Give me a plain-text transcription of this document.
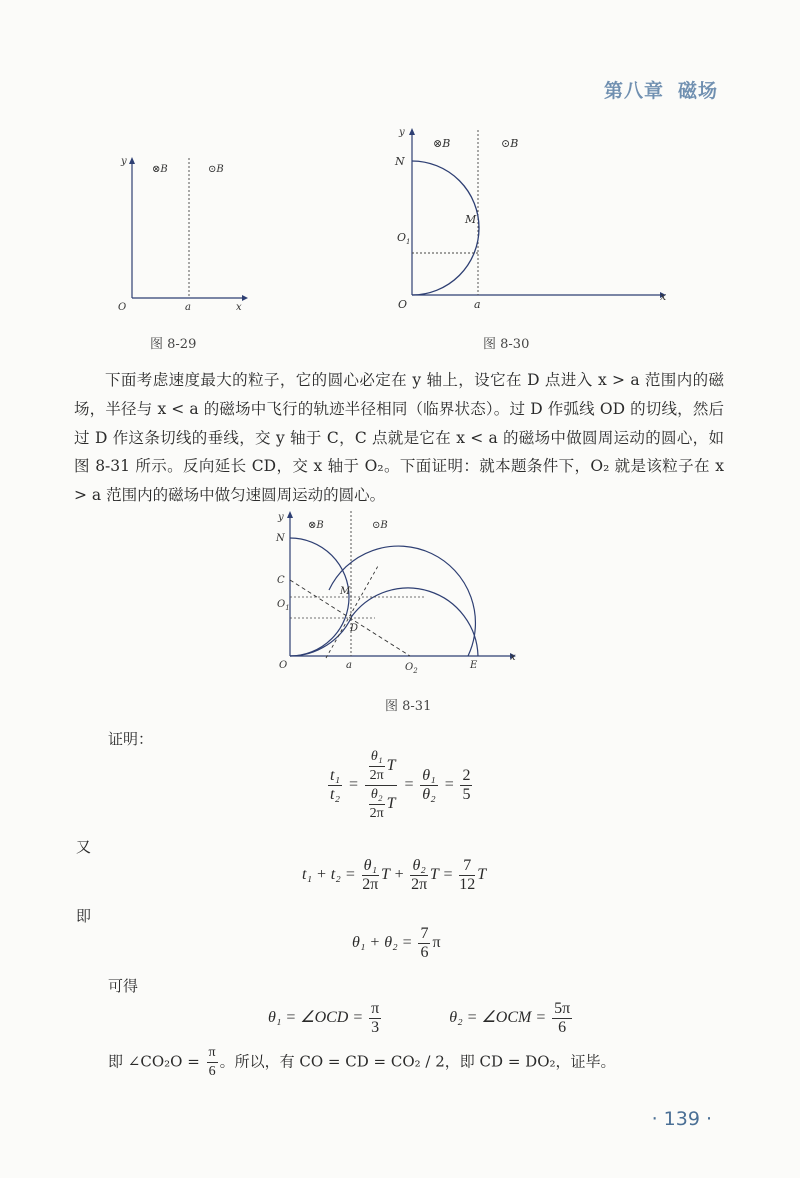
第八章 磁场
y
O	a	x
⊗B	⊙B
图 8-29
y
N
$O_1$
M
O	a
x
⊗B	⊙B
图 8-30
下面考虑速度最大的粒子，它的圆心必定在 y 轴上，设它在 D 点进入 x > a 范围内的磁场，半径与 x < a 的磁场中飞行的轨迹半径相同（临界状态）。过 D 作弧线 OD 的切线，然后过 D 作这条切线的垂线，交 y 轴于 C，C 点就是它在 x < a 的磁场中做圆周运动的圆心，如图 8-31 所示。反向延长 CD，交 x 轴于 O₂。下面证明：就本题条件下，O₂ 就是该粒子在 x > a 范围内的磁场中做匀速圆周运动的圆心。
y
N
C
$O_1$
M
D
O	a	$O_2$	E
x
⊗B	⊙B
图 8-31
证明：
$\frac{\text{t₁}}{\text{t₂}} = \frac{\frac{\text{θ₁}}{2\pi} T}{\frac{\text{θ₂}}{2\pi} T} = \frac{\text{θ₁}}{\text{θ₂}} = \frac{2}{5}$
又
$t_1 + t_2 = \frac{\text{θ₁}}{2\pi}$ $T + \frac{\text{θ₂}}{2\pi}$ $T = \frac{7}{12}$ T
即
$\theta_1 + \theta_2 = \frac{7}{6}$ π
可得
θ₁ = ∠OCD = $\frac{\pi}{3}$	θ₂ = ∠OCM = $\frac{5\pi}{6}$
即 ∠CO₂O = $\frac{\pi}{6}$ 。所以，有 CO = CD = CO₂ / 2，即 CD = DO₂，证毕。
· 139 ·
